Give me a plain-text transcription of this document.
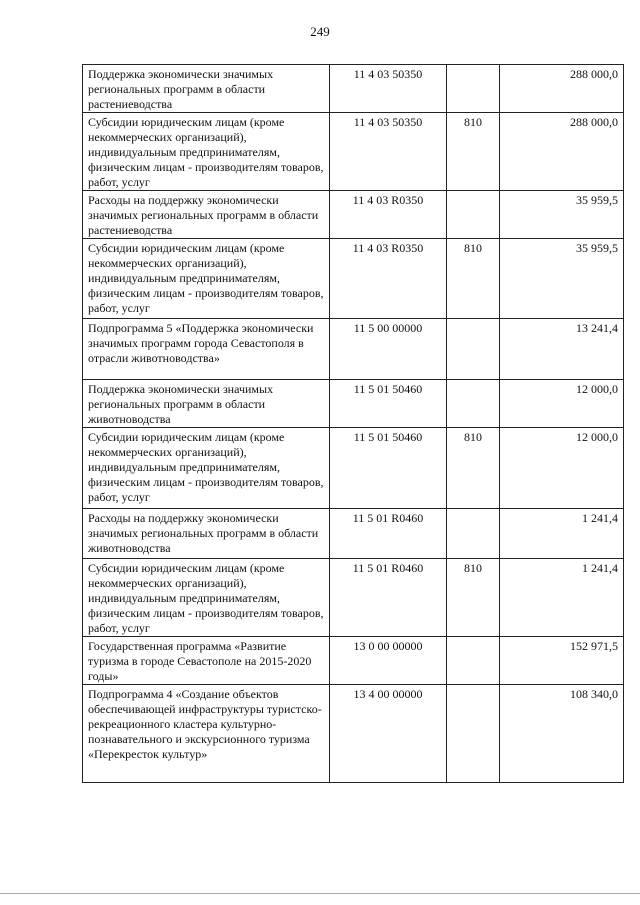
249
Поддержка экономически значимых региональных программ в области растениеводства	11 4 03 50350		288 000,0
Субсидии юридическим лицам (кроме некоммерческих организаций), индивидуальным предпринимателям, физическим лицам - производителям товаров, работ, услуг	11 4 03 50350	810	288 000,0
Расходы на поддержку экономически значимых региональных программ в области растениеводства	11 4 03 R0350		35 959,5
Субсидии юридическим лицам (кроме некоммерческих организаций), индивидуальным предпринимателям, физическим лицам - производителям товаров, работ, услуг	11 4 03 R0350	810	35 959,5
Подпрограмма 5 «Поддержка экономически значимых программ города Севастополя в отрасли животноводства»	11 5 00 00000		13 241,4
Поддержка экономически значимых региональных программ в области животноводства	11 5 01 50460		12 000,0
Субсидии юридическим лицам (кроме некоммерческих организаций), индивидуальным предпринимателям, физическим лицам - производителям товаров, работ, услуг	11 5 01 50460	810	12 000,0
Расходы на поддержку экономически значимых региональных программ в области животноводства	11 5 01 R0460		1 241,4
Субсидии юридическим лицам (кроме некоммерческих организаций), индивидуальным предпринимателям, физическим лицам - производителям товаров, работ, услуг	11 5 01 R0460	810	1 241,4
Государственная программа «Развитие туризма в городе Севастополе на 2015-2020 годы»	13 0 00 00000		152 971,5
Подпрограмма 4 «Создание объектов обеспечивающей инфраструктуры туристско-рекреационного кластера культурно-познавательного и экскурсионного туризма «Перекресток культур»	13 4 00 00000		108 340,0
